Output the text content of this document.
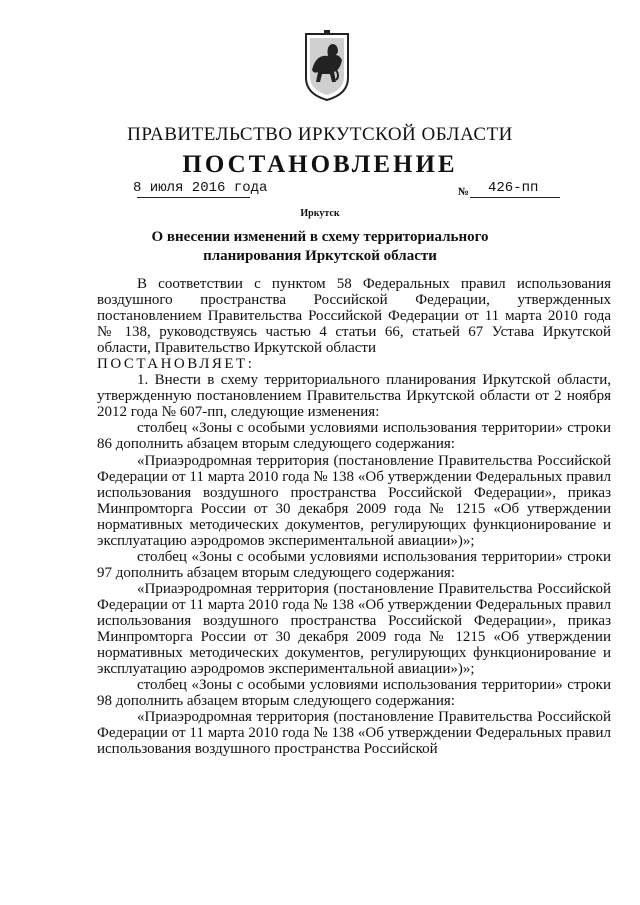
ПРАВИТЕЛЬСТВО ИРКУТСКОЙ ОБЛАСТИ
ПОСТАНОВЛЕНИЕ
8 июля 2016 года	№ 426-пп
Иркутск
О внесении изменений в схему территориального планирования Иркутской области

В соответствии с пунктом 58 Федеральных правил использования воздушного пространства Российской Федерации, утвержденных постановлением Правительства Российской Федерации от 11 марта 2010 года № 138, руководствуясь частью 4 статьи 66, статьей 67 Устава Иркутской области, Правительство Иркутской области

ПОСТАНОВЛЯЕТ:

1. Внести в схему территориального планирования Иркутской области, утвержденную постановлением Правительства Иркутской области от 2 ноября 2012 года № 607-пп, следующие изменения:

столбец «Зоны с особыми условиями использования территории» строки 86 дополнить абзацем вторым следующего содержания:

«Приаэродромная территория (постановление Правительства Российской Федерации от 11 марта 2010 года № 138 «Об утверждении Федеральных правил использования воздушного пространства Российской Федерации», приказ Минпромторга России от 30 декабря 2009 года № 1215 «Об утверждении нормативных методических документов, регулирующих функционирование и эксплуатацию аэродромов экспериментальной авиации»)»;

столбец «Зоны с особыми условиями использования территории» строки 97 дополнить абзацем вторым следующего содержания:

«Приаэродромная территория (постановление Правительства Российской Федерации от 11 марта 2010 года № 138 «Об утверждении Федеральных правил использования воздушного пространства Российской Федерации», приказ Минпромторга России от 30 декабря 2009 года № 1215 «Об утверждении нормативных методических документов, регулирующих функционирование и эксплуатацию аэродромов экспериментальной авиации»)»;

столбец «Зоны с особыми условиями использования территории» строки 98 дополнить абзацем вторым следующего содержания:

«Приаэродромная территория (постановление Правительства Российской Федерации от 11 марта 2010 года № 138 «Об утверждении Федеральных правил использования воздушного пространства Российской
